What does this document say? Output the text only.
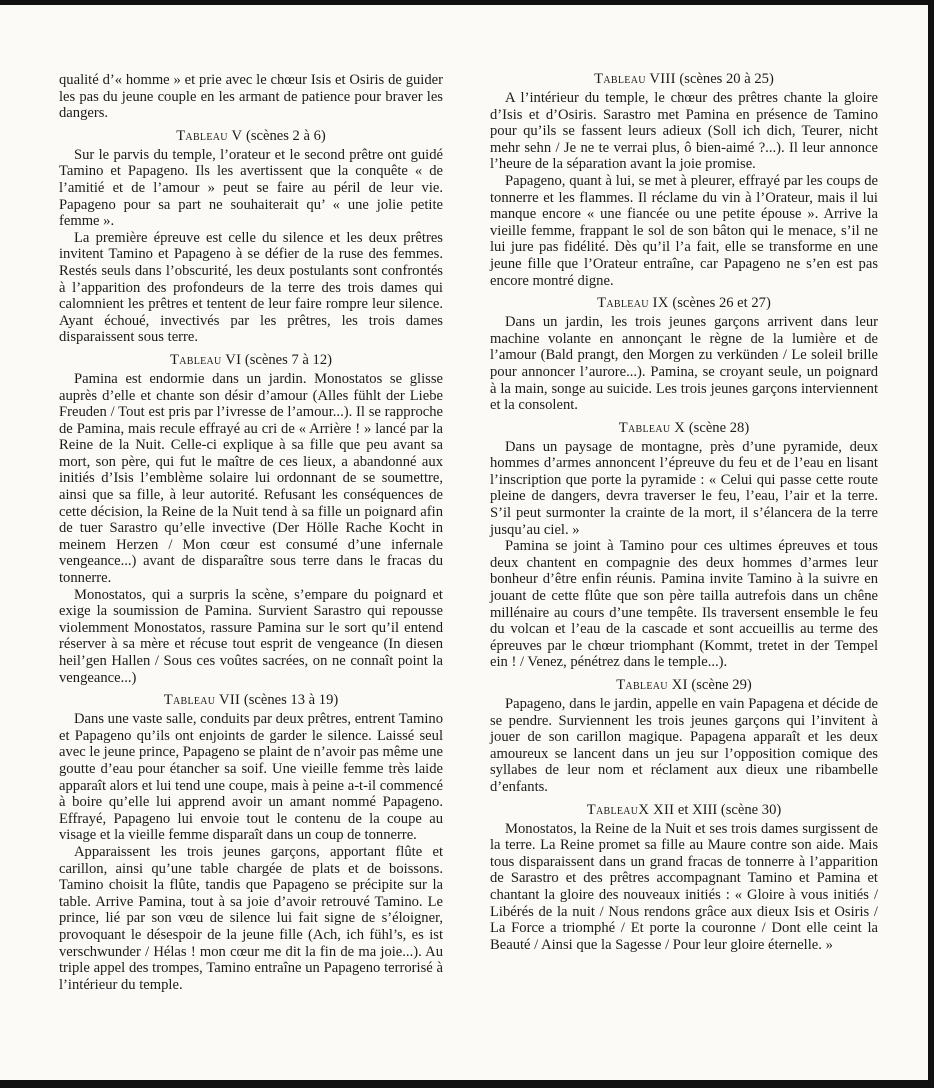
qualité d’« homme » et prie avec le chœur Isis et Osiris de guider les pas du jeune couple en les armant de patience pour braver les dangers.

Tableau V (scènes 2 à 6)

Sur le parvis du temple, l’orateur et le second prêtre ont guidé Tamino et Papageno. Ils les avertissent que la conquête « de l’amitié et de l’amour » peut se faire au péril de leur vie. Papageno pour sa part ne souhaiterait qu’ « une jolie petite femme ».

La première épreuve est celle du silence et les deux prêtres invitent Tamino et Papageno à se défier de la ruse des femmes. Restés seuls dans l’obscurité, les deux postulants sont confrontés à l’apparition des profondeurs de la terre des trois dames qui calomnient les prêtres et tentent de leur faire rompre leur silence. Ayant échoué, invectivés par les prêtres, les trois dames disparaissent sous terre.

Tableau VI (scènes 7 à 12)

Pamina est endormie dans un jardin. Monostatos se glisse auprès d’elle et chante son désir d’amour (Alles fühlt der Liebe Freuden / Tout est pris par l’ivresse de l’amour...). Il se rapproche de Pamina, mais recule effrayé au cri de « Arrière ! » lancé par la Reine de la Nuit. Celle-ci explique à sa fille que peu avant sa mort, son père, qui fut le maître de ces lieux, a abandonné aux initiés d’Isis l’emblème solaire lui ordonnant de se soumettre, ainsi que sa fille, à leur autorité. Refusant les conséquences de cette décision, la Reine de la Nuit tend à sa fille un poignard afin de tuer Sarastro qu’elle invective (Der Hölle Rache Kocht in meinem Herzen / Mon cœur est consumé d’une infernale vengeance...) avant de disparaître sous terre dans le fracas du tonnerre.

Monostatos, qui a surpris la scène, s’empare du poignard et exige la soumission de Pamina. Survient Sarastro qui repousse violemment Monostatos, rassure Pamina sur le sort qu’il entend réserver à sa mère et récuse tout esprit de vengeance (In diesen heil’gen Hallen / Sous ces voûtes sacrées, on ne connaît point la vengeance...)

Tableau VII (scènes 13 à 19)

Dans une vaste salle, conduits par deux prêtres, entrent Tamino et Papageno qu’ils ont enjoints de garder le silence. Laissé seul avec le jeune prince, Papageno se plaint de n’avoir pas même une goutte d’eau pour étancher sa soif. Une vieille femme très laide apparaît alors et lui tend une coupe, mais à peine a-t-il commencé à boire qu’elle lui apprend avoir un amant nommé Papageno. Effrayé, Papageno lui envoie tout le contenu de la coupe au visage et la vieille femme disparaît dans un coup de tonnerre.

Apparaissent les trois jeunes garçons, apportant flûte et carillon, ainsi qu’une table chargée de plats et de boissons. Tamino choisit la flûte, tandis que Papageno se précipite sur la table. Arrive Pamina, tout à sa joie d’avoir retrouvé Tamino. Le prince, lié par son vœu de silence lui fait signe de s’éloigner, provoquant le désespoir de la jeune fille (Ach, ich fühl’s, es ist verschwunder / Hélas ! mon cœur me dit la fin de ma joie...). Au triple appel des trompes, Tamino entraîne un Papageno terrorisé à l’intérieur du temple.

Tableau VIII (scènes 20 à 25)

A l’intérieur du temple, le chœur des prêtres chante la gloire d’Isis et d’Osiris. Sarastro met Pamina en présence de Tamino pour qu’ils se fassent leurs adieux (Soll ich dich, Teurer, nicht mehr sehn / Je ne te verrai plus, ô bien-aimé ?...). Il leur annonce l’heure de la séparation avant la joie promise.

Papageno, quant à lui, se met à pleurer, effrayé par les coups de tonnerre et les flammes. Il réclame du vin à l’Orateur, mais il lui manque encore « une fiancée ou une petite épouse ». Arrive la vieille femme, frappant le sol de son bâton qui le menace, s’il ne lui jure pas fidélité. Dès qu’il l’a fait, elle se transforme en une jeune fille que l’Orateur entraîne, car Papageno ne s’en est pas encore montré digne.

Tableau IX (scènes 26 et 27)

Dans un jardin, les trois jeunes garçons arrivent dans leur machine volante en annonçant le règne de la lumière et de l’amour (Bald prangt, den Morgen zu verkünden / Le soleil brille pour annoncer l’aurore...). Pamina, se croyant seule, un poignard à la main, songe au suicide. Les trois jeunes garçons interviennent et la consolent.

Tableau X (scène 28)

Dans un paysage de montagne, près d’une pyramide, deux hommes d’armes annoncent l’épreuve du feu et de l’eau en lisant l’inscription que porte la pyramide : « Celui qui passe cette route pleine de dangers, devra traverser le feu, l’eau, l’air et la terre. S’il peut surmonter la crainte de la mort, il s’élancera de la terre jusqu’au ciel. »

Pamina se joint à Tamino pour ces ultimes épreuves et tous deux chantent en compagnie des deux hommes d’armes leur bonheur d’être enfin réunis. Pamina invite Tamino à la suivre en jouant de cette flûte que son père tailla autrefois dans un chêne millénaire au cours d’une tempête. Ils traversent ensemble le feu du volcan et l’eau de la cascade et sont accueillis au terme des épreuves par le chœur triomphant (Kommt, tretet in der Tempel ein ! / Venez, pénétrez dans le temple...).

Tableau XI (scène 29)

Papageno, dans le jardin, appelle en vain Papagena et décide de se pendre. Surviennent les trois jeunes garçons qui l’invitent à jouer de son carillon magique. Papagena apparaît et les deux amoureux se lancent dans un jeu sur l’opposition comique des syllabes de leur nom et réclament aux dieux une ribambelle d’enfants.

TableauX XII et XIII (scène 30)

Monostatos, la Reine de la Nuit et ses trois dames surgissent de la terre. La Reine promet sa fille au Maure contre son aide. Mais tous disparaissent dans un grand fracas de tonnerre à l’apparition de Sarastro et des prêtres accompagnant Tamino et Pamina et chantant la gloire des nouveaux initiés : « Gloire à vous initiés / Libérés de la nuit / Nous rendons grâce aux dieux Isis et Osiris / La Force a triomphé / Et porte la couronne / Dont elle ceint la Beauté / Ainsi que la Sagesse / Pour leur gloire éternelle. »
